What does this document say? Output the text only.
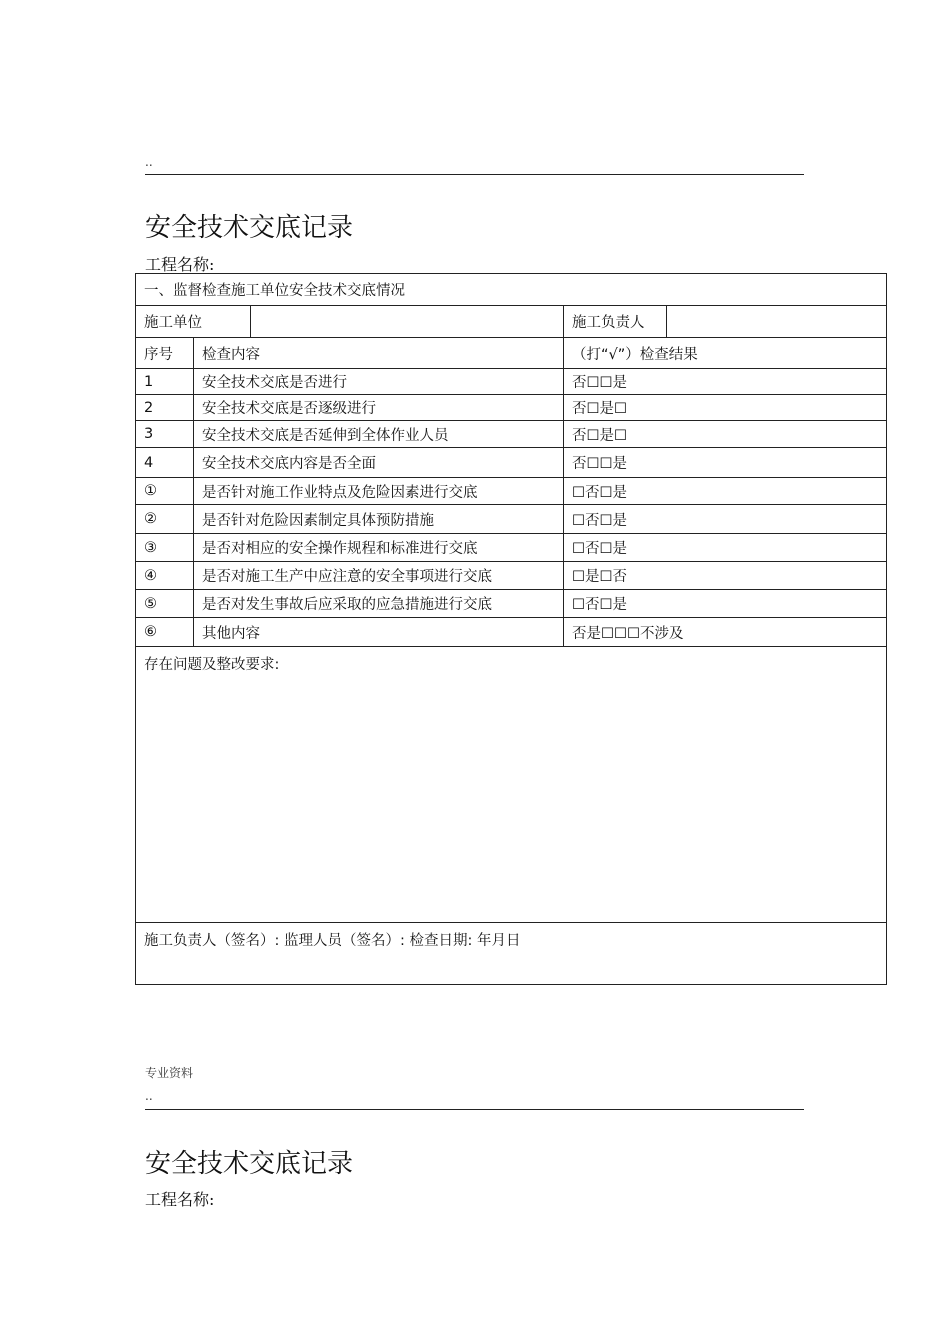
..
安全技术交底记录
工程名称:
一、监督检查施工单位安全技术交底情况				
施工单位			施工负责人	
序号	检查内容		（打“√”）检查结果	
1	安全技术交底是否进行		否☐☐是	
2	安全技术交底是否逐级进行		否☐是☐	
3	安全技术交底是否延伸到全体作业人员		否☐是☐	
4	安全技术交底内容是否全面		否☐☐是	
①	是否针对施工作业特点及危险因素进行交底		☐否☐是	
②	是否针对危险因素制定具体预防措施		☐否☐是	
③	是否对相应的安全操作规程和标准进行交底		☐否☐是	
④	是否对施工生产中应注意的安全事项进行交底		☐是☐否	
⑤	是否对发生事故后应采取的应急措施进行交底		☐否☐是	
⑥	其他内容		否是☐☐☐不涉及	
存在问题及整改要求:				
施工负责人（签名）: 监理人员（签名）: 检查日期: 年月日				
专业资料
..
安全技术交底记录
工程名称:
